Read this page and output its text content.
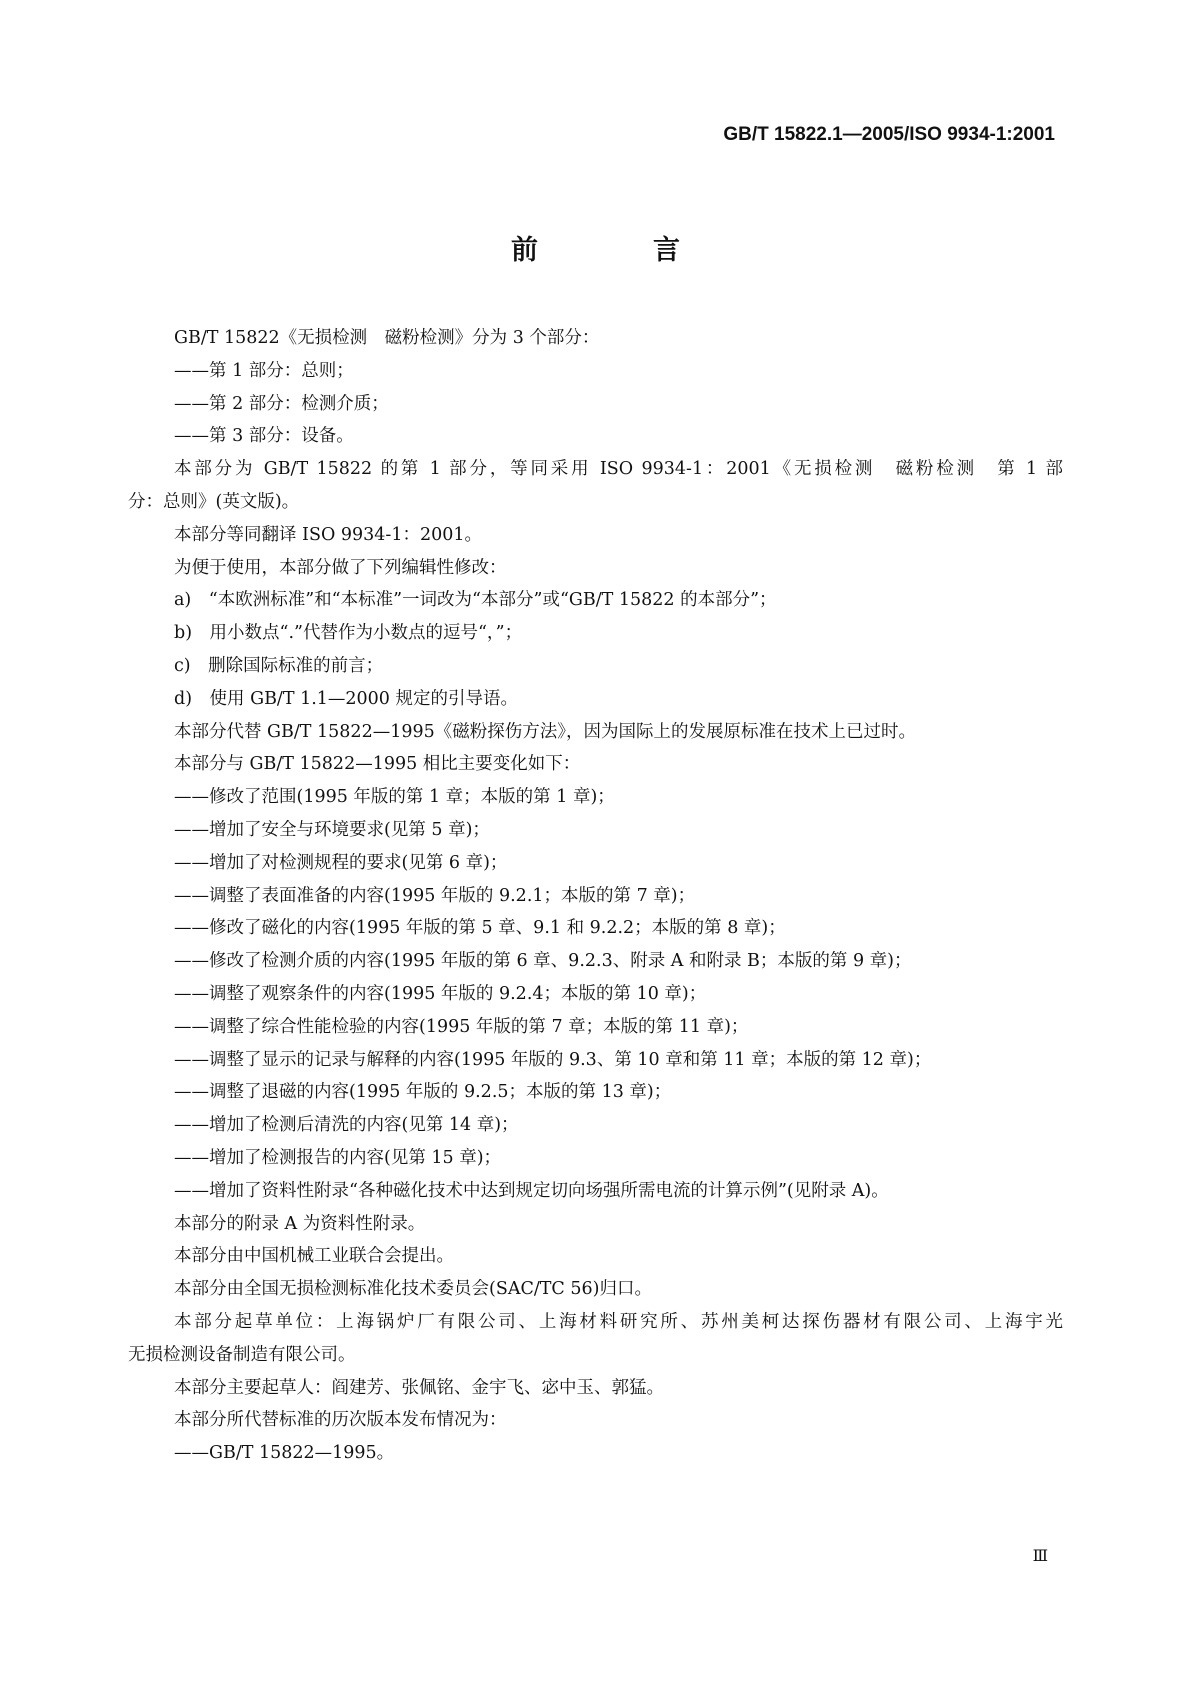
GB/T 15822.1—2005/ISO 9934-1:2001
前　言
GB/T 15822《无损检测　磁粉检测》分为 3 个部分：
——第 1 部分：总则；
——第 2 部分：检测介质；
——第 3 部分：设备。
本部分为 GB/T 15822 的第 1 部分，等同采用 ISO 9934-1：2001《无损检测　磁粉检测　第 1 部
分：总则》(英文版)。
本部分等同翻译 ISO 9934-1：2001。
为便于使用，本部分做了下列编辑性修改：
a)　“本欧洲标准”和“本标准”一词改为“本部分”或“GB/T 15822 的本部分”；
b)　用小数点“.”代替作为小数点的逗号“，”；
c)　删除国际标准的前言；
d)　使用 GB/T 1.1—2000 规定的引导语。
本部分代替 GB/T 15822—1995《磁粉探伤方法》，因为国际上的发展原标准在技术上已过时。
本部分与 GB/T 15822—1995 相比主要变化如下：
——修改了范围(1995 年版的第 1 章；本版的第 1 章)；
——增加了安全与环境要求(见第 5 章)；
——增加了对检测规程的要求(见第 6 章)；
——调整了表面准备的内容(1995 年版的 9.2.1；本版的第 7 章)；
——修改了磁化的内容(1995 年版的第 5 章、9.1 和 9.2.2；本版的第 8 章)；
——修改了检测介质的内容(1995 年版的第 6 章、9.2.3、附录 A 和附录 B；本版的第 9 章)；
——调整了观察条件的内容(1995 年版的 9.2.4；本版的第 10 章)；
——调整了综合性能检验的内容(1995 年版的第 7 章；本版的第 11 章)；
——调整了显示的记录与解释的内容(1995 年版的 9.3、第 10 章和第 11 章；本版的第 12 章)；
——调整了退磁的内容(1995 年版的 9.2.5；本版的第 13 章)；
——增加了检测后清洗的内容(见第 14 章)；
——增加了检测报告的内容(见第 15 章)；
——增加了资料性附录“各种磁化技术中达到规定切向场强所需电流的计算示例”(见附录 A)。
本部分的附录 A 为资料性附录。
本部分由中国机械工业联合会提出。
本部分由全国无损检测标准化技术委员会(SAC/TC 56)归口。
本部分起草单位：上海锅炉厂有限公司、上海材料研究所、苏州美柯达探伤器材有限公司、上海宇光
无损检测设备制造有限公司。
本部分主要起草人：阎建芳、张佩铭、金宇飞、宓中玉、郭猛。
本部分所代替标准的历次版本发布情况为：
——GB/T 15822—1995。
Ⅲ
